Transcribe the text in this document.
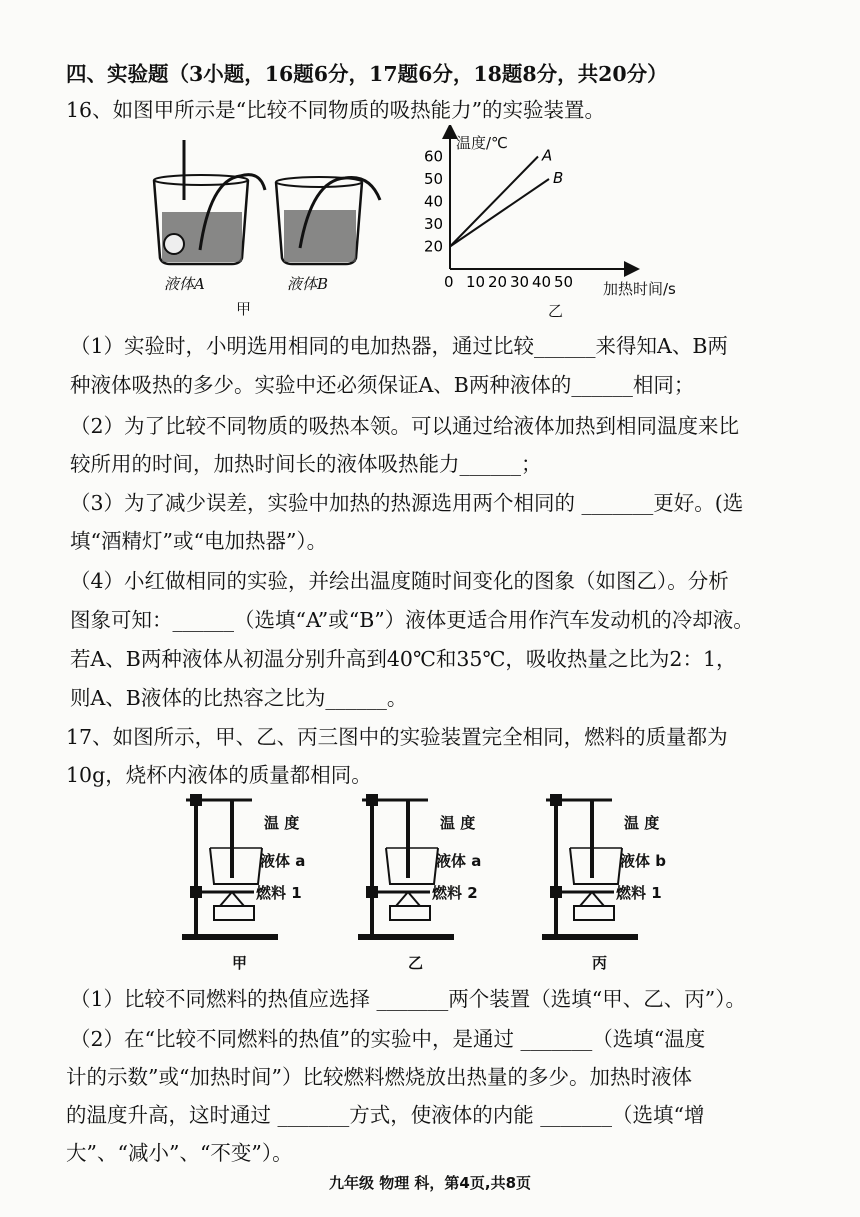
四、实验题（3小题，16题6分，17题6分，18题8分，共20分）
16、如图甲所示是“比较不同物质的吸热能力”的实验装置。
液体A	液体B
甲
0 10 20 30 40 50
20
30
40
50
60	A
B
温度/℃
加热时间/s
乙
（1）实验时，小明选用相同的电加热器，通过比较______来得知A、B两
种液体吸热的多少。实验中还必须保证A、B两种液体的______相同；
（2）为了比较不同物质的吸热本领。可以通过给液体加热到相同温度来比
较所用的时间，加热时间长的液体吸热能力______；
（3）为了减少误差，实验中加热的热源选用两个相同的 _______更好。(选
填“酒精灯”或“电加热器”）。
（4）小红做相同的实验，并绘出温度随时间变化的图象（如图乙）。分析
图象可知：______（选填“A”或“B”）液体更适合用作汽车发动机的冷却液。
若A、B两种液体从初温分别升高到40℃和35℃，吸收热量之比为2：1，
则A、B液体的比热容之比为______。
17、如图所示，甲、乙、丙三图中的实验装置完全相同，燃料的质量都为
10g，烧杯内液体的质量都相同。
温 度
液体 a
燃料 1
甲
温 度
液体 a
燃料 2
乙
温 度
液体 b
燃料 1
丙
（1）比较不同燃料的热值应选择 _______两个装置（选填“甲、乙、丙”）。
（2）在“比较不同燃料的热值”的实验中，是通过 _______（选填“温度
计的示数”或“加热时间”）比较燃料燃烧放出热量的多少。加热时液体
的温度升高，这时通过 _______方式，使液体的内能 _______（选填“增
大”、“减小”、“不变”）。
九年级 物理 科，第4页,共8页
